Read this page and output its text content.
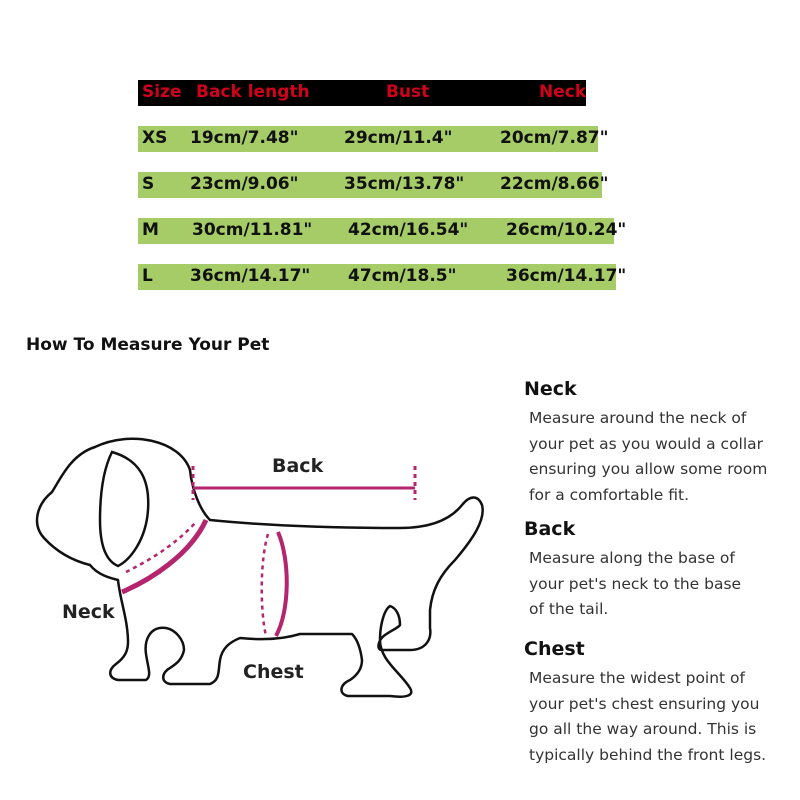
Size Back length	Bust	Neck
XS 19cm/7.48"	29cm/11.4"	20cm/7.87"
S 23cm/9.06"	35cm/13.78" 22cm/8.66"
M 30cm/11.81" 42cm/16.54" 26cm/10.24"
L 36cm/14.17" 47cm/18.5"	36cm/14.17"
How To Measure Your Pet
Back
Neck
Chest
Neck

Measure around the neck of
your pet as you would a collar
ensuring you allow some room
for a comfortable fit.

Back

Measure along the base of
your pet's neck to the base
of the tail.

Chest

Measure the widest point of
your pet's chest ensuring you
go all the way around. This is
typically behind the front legs.
